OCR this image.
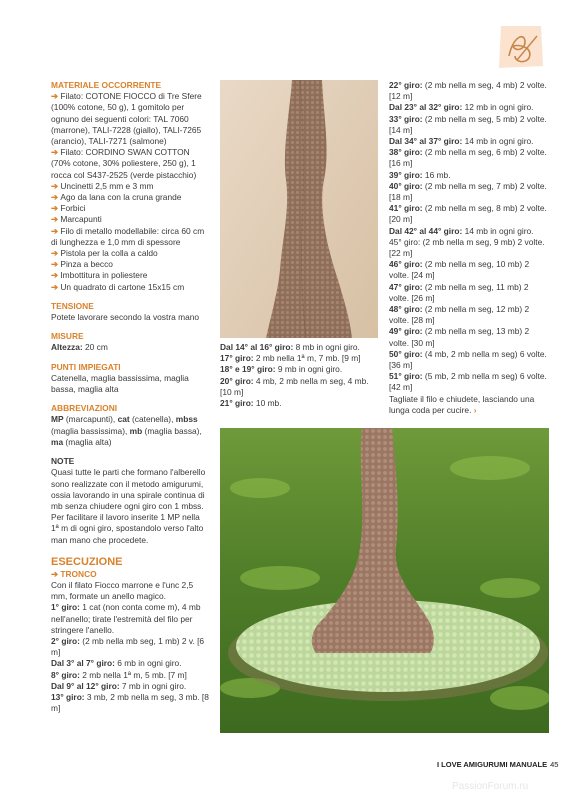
MATERIALE OCCORRENTE
➔ Filato: COTONE FIOCCO di Tre Sfere (100% cotone, 50 g), 1 gomitolo per ognuno dei seguenti colori: TAL 7060 (marrone), TALI-7228 (giallo), TALI-7265 (arancio), TALI-7271 (salmone)
➔ Filato: CORDINO SWAN COTTON (70% cotone, 30% poliestere, 250 g), 1 rocca col S437-2525 (verde pistacchio)
➔ Uncinetti 2,5 mm e 3 mm
➔ Ago da lana con la cruna grande
➔ Forbici
➔ Marcapunti
➔ Filo di metallo modellabile: circa 60 cm di lunghezza e 1,0 mm di spessore
➔ Pistola per la colla a caldo
➔ Pinza a becco
➔ Imbottitura in poliestere
➔ Un quadrato di cartone 15x15 cm
TENSIONE
Potete lavorare secondo la vostra mano
MISURE
Altezza: 20 cm
PUNTI IMPIEGATI
Catenella, maglia bassissima, maglia bassa, maglia alta
ABBREVIAZIONI
MP (marcapunti), cat (catenella), mbss (maglia bassissima), mb (maglia bassa), ma (maglia alta)
NOTE
Quasi tutte le parti che formano l'alberello sono realizzate con il metodo amigurumi, ossia lavorando in una spirale continua di mb senza chiudere ogni giro con 1 mbss.
Per facilitare il lavoro inserite 1 MP nella 1ª m di ogni giro, spostandolo verso l'alto man mano che procedete.
ESECUZIONE
➔ TRONCO
Con il filato Fiocco marrone e l'unc 2,5 mm, formate un anello magico.
1° giro: 1 cat (non conta come m), 4 mb nell'anello; tirate l'estremità del filo per stringere l'anello.
2° giro: (2 mb nella mb seg, 1 mb) 2 v. [6 m]
Dal 3° al 7° giro: 6 mb in ogni giro.
8° giro: 2 mb nella 1ª m, 5 mb. [7 m]
Dal 9° al 12° giro: 7 mb in ogni giro.
13° giro: 3 mb, 2 mb nella m seg, 3 mb. [8 m]
Dal 14° al 16° giro: 8 mb in ogni giro.
17° giro: 2 mb nella 1ª m, 7 mb. [9 m]
18° e 19° giro: 9 mb in ogni giro.
20° giro: 4 mb, 2 mb nella m seg, 4 mb. [10 m]
21° giro: 10 mb.
22° giro: (2 mb nella m seg, 4 mb) 2 volte. [12 m]
Dal 23° al 32° giro: 12 mb in ogni giro.
33° giro: (2 mb nella m seg, 5 mb) 2 volte. [14 m]
Dal 34° al 37° giro: 14 mb in ogni giro.
38° giro: (2 mb nella m seg, 6 mb) 2 volte. [16 m]
39° giro: 16 mb.
40° giro: (2 mb nella m seg, 7 mb) 2 volte. [18 m]
41° giro: (2 mb nella m seg, 8 mb) 2 volte. [20 m]
Dal 42° al 44° giro: 14 mb in ogni giro.
45° giro: (2 mb nella m seg, 9 mb) 2 volte. [22 m]
46° giro: (2 mb nella m seg, 10 mb) 2 volte. [24 m]
47° giro: (2 mb nella m seg, 11 mb) 2 volte. [26 m]
48° giro: (2 mb nella m seg, 12 mb) 2 volte. [28 m]
49° giro: (2 mb nella m seg, 13 mb) 2 volte. [30 m]
50° giro: (4 mb, 2 mb nella m seg) 6 volte. [36 m]
51° giro: (5 mb, 2 mb nella m seg) 6 volte. [42 m]
Tagliate il filo e chiudete, lasciando una lunga coda per cucire. ›
I LOVE AMIGURUMI MANUALE 45
PassionForum.ru
